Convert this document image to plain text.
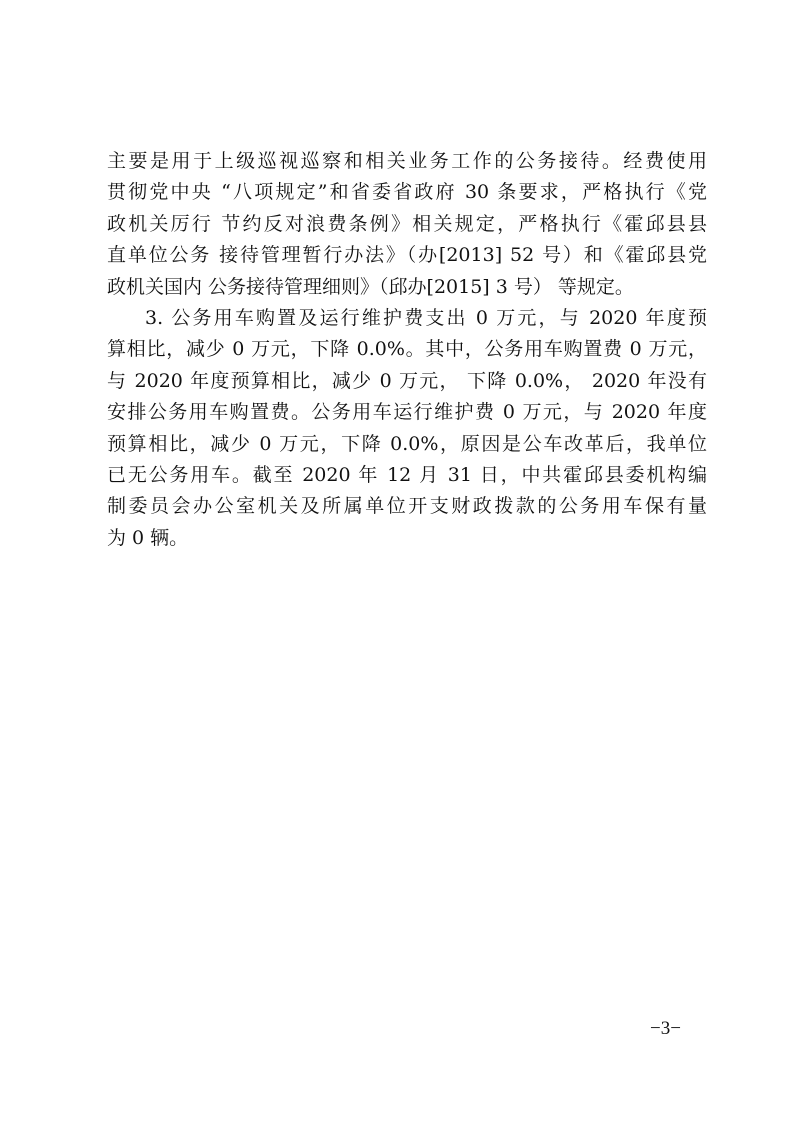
主要是用于上级巡视巡察和相关业务工作的公务接待。经费使用
贯彻党中央 “八项规定”和省委省政府 30 条要求，严格执行《党
政机关厉行 节约反对浪费条例》相关规定，严格执行《霍邱县县
直单位公务 接待管理暂行办法》（办[2013] 52 号）和《霍邱县党
政机关国内 公务接待管理细则》（邱办[2015] 3 号） 等规定。
3. 公务用车购置及运行维护费支出 0 万元，与 2020 年度预
算相比，减少 0 万元，下降 0.0%。其中，公务用车购置费 0 万元，
与 2020 年度预算相比，减少 0 万元， 下降 0.0%， 2020 年没有
安排公务用车购置费。公务用车运行维护费 0 万元，与 2020 年度
预算相比，减少 0 万元，下降 0.0%，原因是公车改革后，我单位
已无公务用车。截至 2020 年 12 月 31 日，中共霍邱县委机构编
制委员会办公室机关及所属单位开支财政拨款的公务用车保有量
为 0 辆。
−3−
